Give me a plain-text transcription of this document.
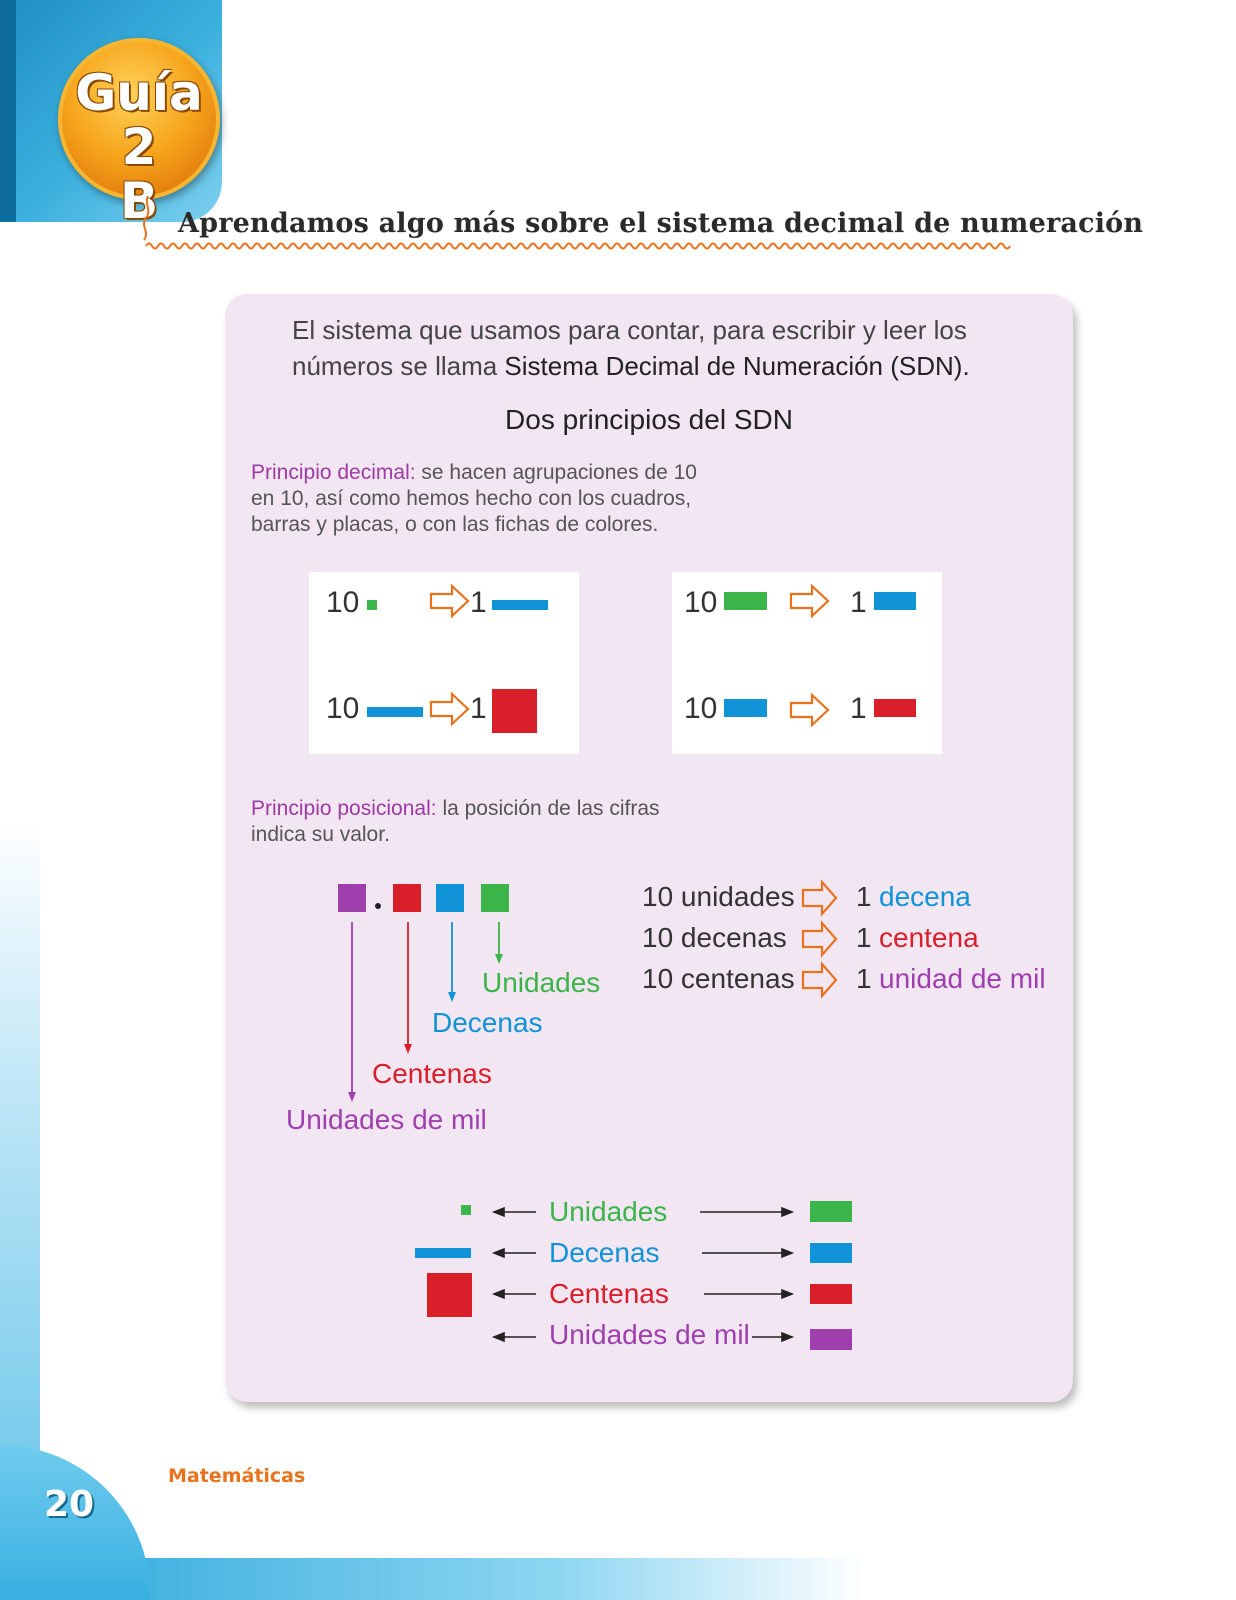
Guía 2
B Aprendamos algo más sobre el sistema decimal de numeración
El sistema que usamos para contar, para escribir y leer los números se llama Sistema Decimal de Numeración (SDN).
Dos principios del SDN
Principio decimal: se hacen agrupaciones de 10 en 10, así como hemos hecho con los cuadros, barras y placas, o con las fichas de colores.
10	1
10	1
10	1
10	1
Principio posicional: la posición de las cifras indica su valor.
Unidades
Decenas
Centenas
Unidades de mil
10 unidades 1 decena
10 decenas 1 centena
10 centenas 1 unidad de mil
Unidades
Decenas
Centenas
Unidades de mil
Matemáticas
20
